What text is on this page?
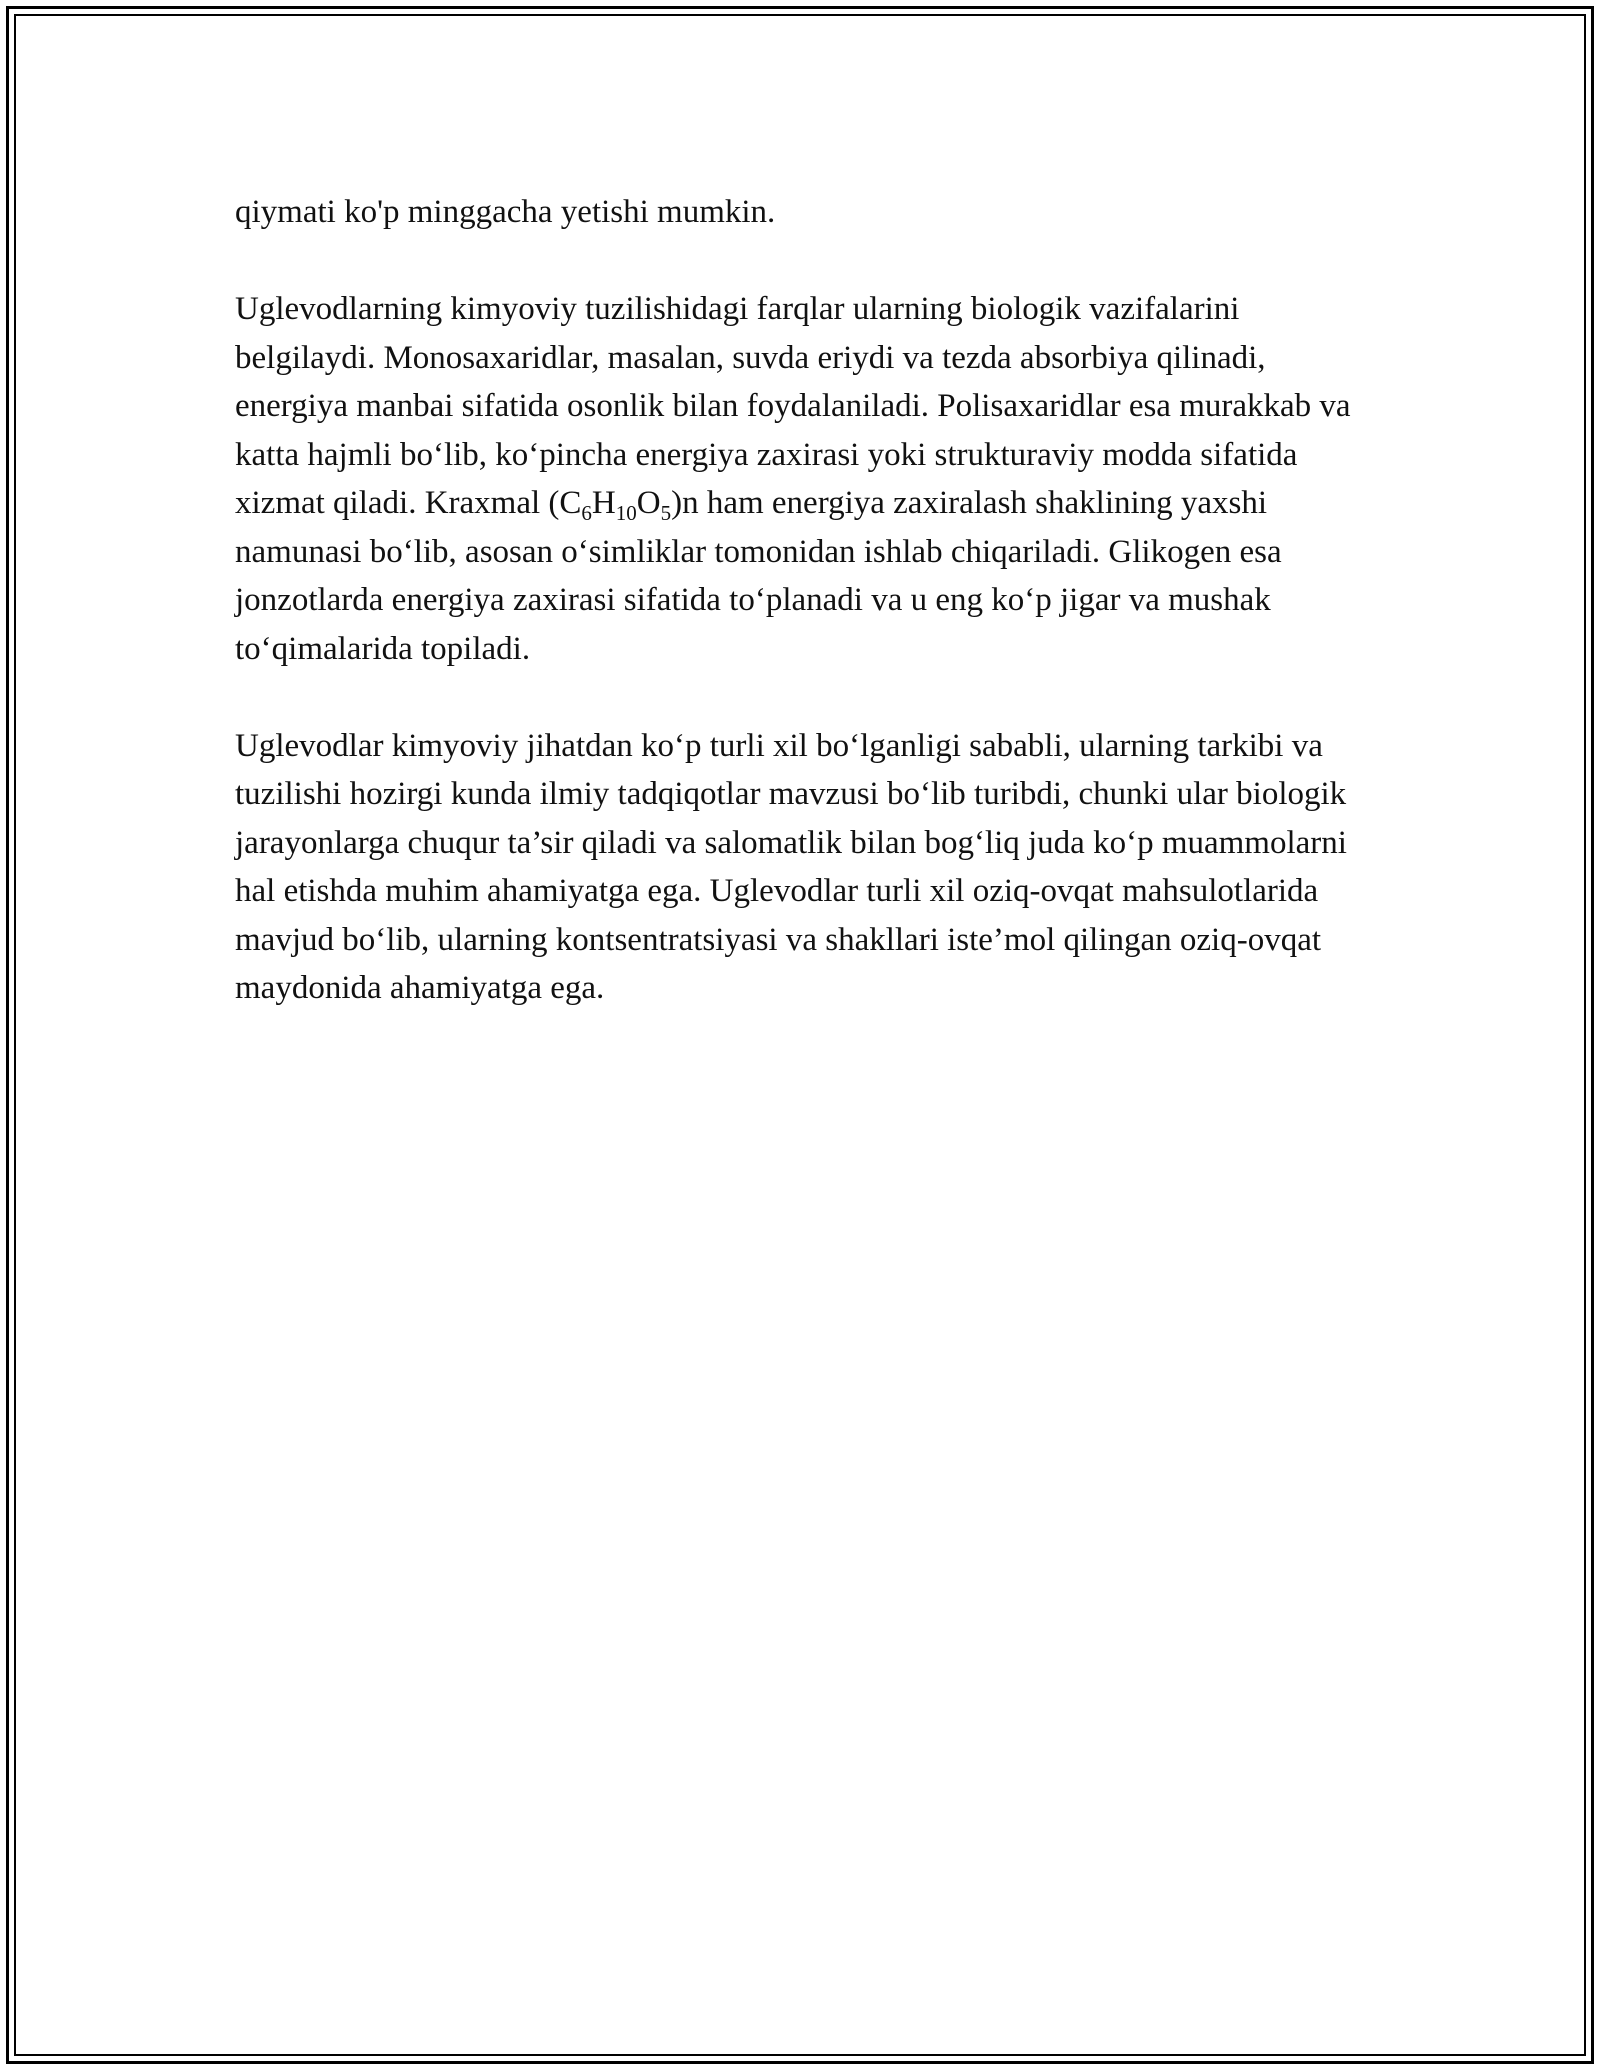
qiymati ko'p minggacha yetishi mumkin.

Uglevodlarning kimyoviy tuzilishidagi farqlar ularning biologik vazifalarini belgilaydi. Monosaxaridlar, masalan, suvda eriydi va tezda absorbiya qilinadi, energiya manbai sifatida osonlik bilan foydalaniladi. Polisaxaridlar esa murakkab va katta hajmli bo‘lib, ko‘pincha energiya zaxirasi yoki strukturaviy modda sifatida xizmat qiladi. Kraxmal $(C_6H_{10}O_5)n$ ham energiya zaxiralash shaklining yaxshi namunasi bo‘lib, asosan o‘simliklar tomonidan ishlab chiqariladi. Glikogen esa jonzotlarda energiya zaxirasi sifatida to‘planadi va u eng ko‘p jigar va mushak to‘qimalarida topiladi.

Uglevodlar kimyoviy jihatdan ko‘p turli xil bo‘lganligi sababli, ularning tarkibi va tuzilishi hozirgi kunda ilmiy tadqiqotlar mavzusi bo‘lib turibdi, chunki ular biologik jarayonlarga chuqur ta’sir qiladi va salomatlik bilan bog‘liq juda ko‘p muammolarni hal etishda muhim ahamiyatga ega. Uglevodlar turli xil oziq-ovqat mahsulotlarida mavjud bo‘lib, ularning kontsentratsiyasi va shakllari iste’mol qilingan oziq-ovqat maydonida ahamiyatga ega.
